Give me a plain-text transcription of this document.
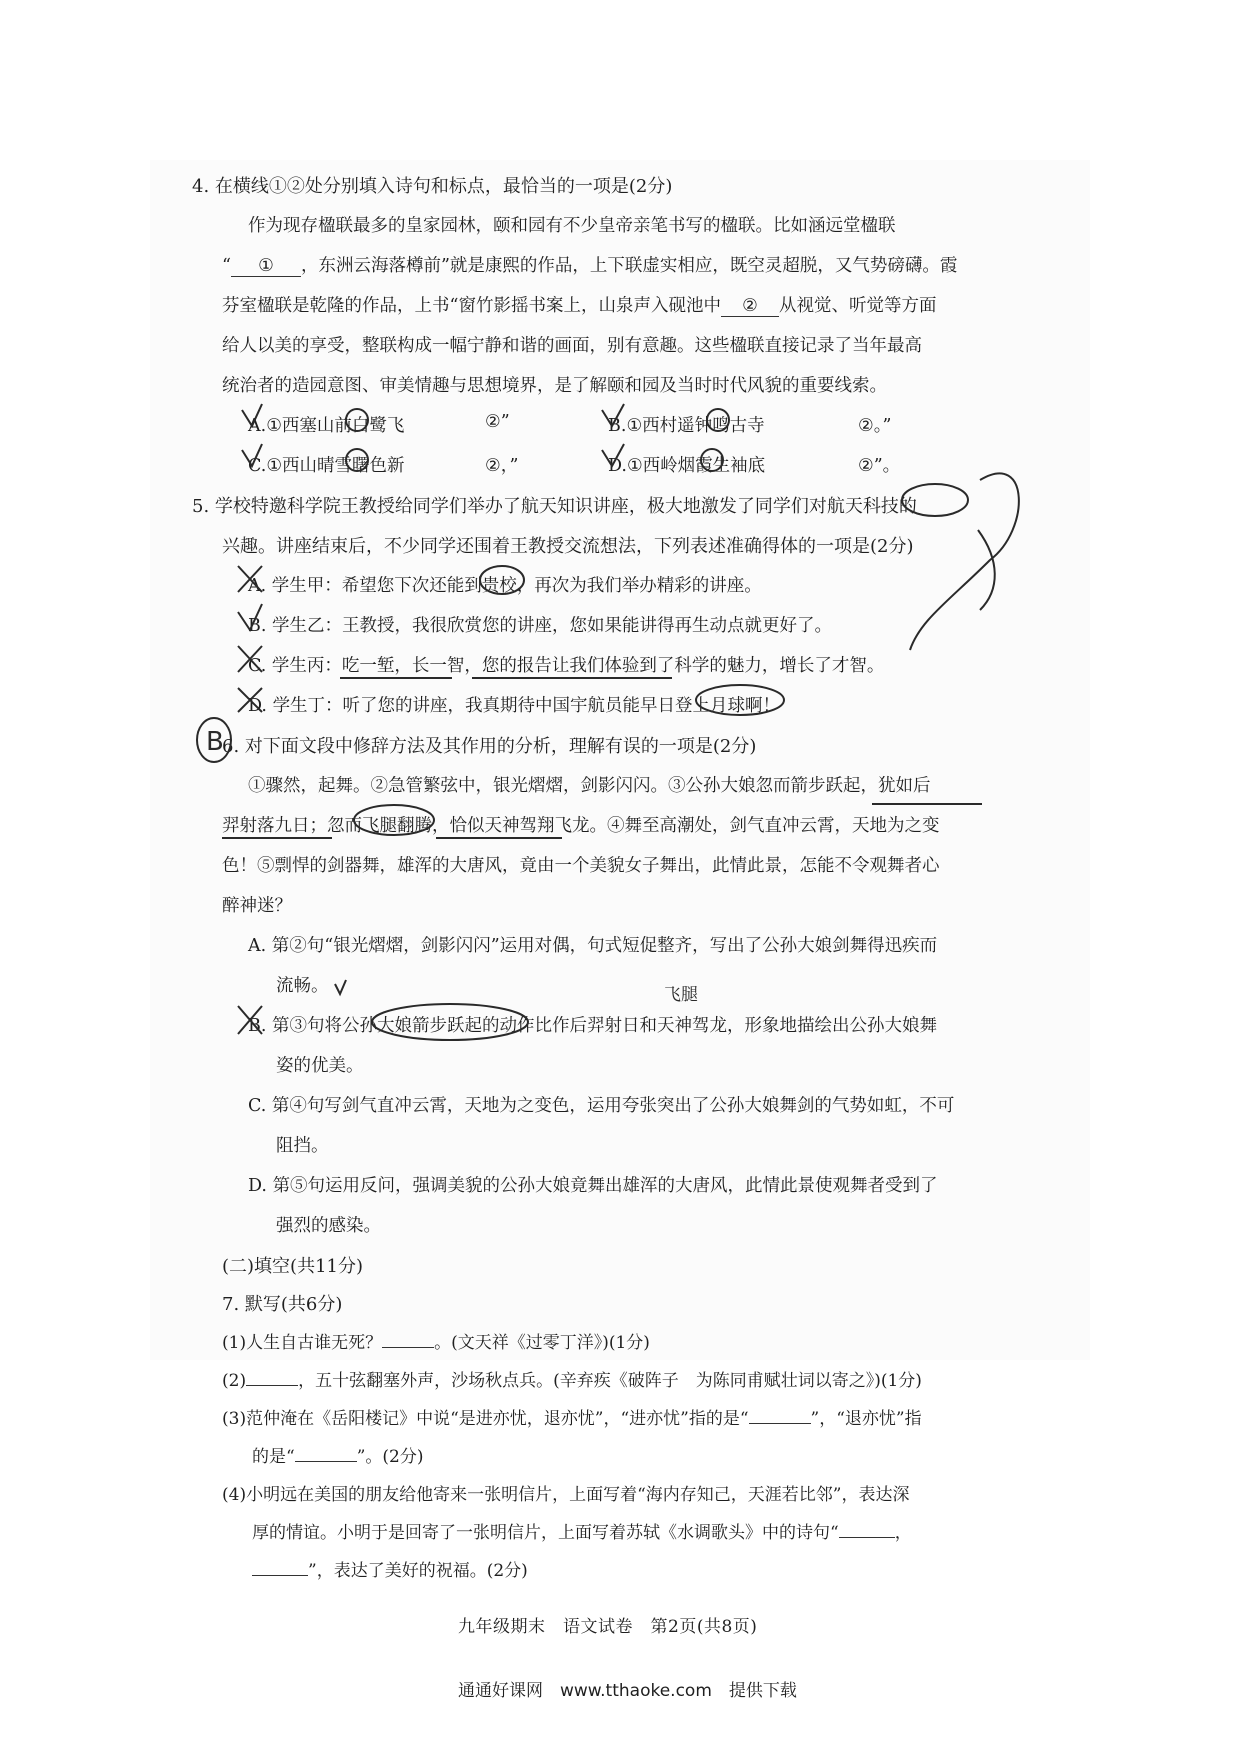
4. 在横线①②处分别填入诗句和标点，最恰当的一项是(2分)
作为现存楹联最多的皇家园林，颐和园有不少皇帝亲笔书写的楹联。比如涵远堂楹联
“ ① ，东洲云海落樽前”就是康熙的作品，上下联虚实相应，既空灵超脱，又气势磅礴。霞
芬室楹联是乾隆的作品，上书“窗竹影摇书案上，山泉声入砚池中 ② 从视觉、听觉等方面
给人以美的享受，整联构成一幅宁静和谐的画面，别有意趣。这些楹联直接记录了当年最高
统治者的造园意图、审美情趣与思想境界，是了解颐和园及当时时代风貌的重要线索。
A.①西塞山前白鹭飞	②”	B.①西村遥钟鸣古寺	②。”
C.①西山晴雪曙色新	②，”	D.①西岭烟霞生袖底	②”。
5. 学校特邀科学院王教授给同学们举办了航天知识讲座，极大地激发了同学们对航天科技的
兴趣。讲座结束后，不少同学还围着王教授交流想法，下列表述准确得体的一项是(2分)
A. 学生甲：希望您下次还能到贵校，再次为我们举办精彩的讲座。
B. 学生乙：王教授，我很欣赏您的讲座，您如果能讲得再生动点就更好了。
C. 学生丙：吃一堑，长一智，您的报告让我们体验到了科学的魅力，增长了才智。
D. 学生丁：听了您的讲座，我真期待中国宇航员能早日登上月球啊！
6. 对下面文段中修辞方法及其作用的分析，理解有误的一项是(2分)
①骤然，起舞。②急管繁弦中，银光熠熠，剑影闪闪。③公孙大娘忽而箭步跃起，犹如后
羿射落九日；忽而飞腿翻腾，恰似天神驾翔飞龙。④舞至高潮处，剑气直冲云霄，天地为之变
色！⑤剽悍的剑器舞，雄浑的大唐风，竟由一个美貌女子舞出，此情此景，怎能不令观舞者心
醉神迷？
A. 第②句“银光熠熠，剑影闪闪”运用对偶，句式短促整齐，写出了公孙大娘剑舞得迅疾而
流畅。
B. 第③句将公孙大娘箭步跃起的动作比作后羿射日和天神驾龙，形象地描绘出公孙大娘舞
姿的优美。
C. 第④句写剑气直冲云霄，天地为之变色，运用夸张突出了公孙大娘舞剑的气势如虹，不可
阻挡。
D. 第⑤句运用反问，强调美貌的公孙大娘竟舞出雄浑的大唐风，此情此景使观舞者受到了
强烈的感染。
(二)填空(共11分)
7. 默写(共6分)
(1)人生自古谁无死？	。(文天祥《过零丁洋》)(1分)
(2)	，五十弦翻塞外声，沙场秋点兵。(辛弃疾《破阵子　为陈同甫赋壮词以寄之》)(1分)
(3)范仲淹在《岳阳楼记》中说“是进亦忧，退亦忧”，“进亦忧”指的是“	”，“退亦忧”指
的是“	”。(2分)
(4)小明远在美国的朋友给他寄来一张明信片，上面写着“海内存知己，天涯若比邻”，表达深
厚的情谊。小明于是回寄了一张明信片，上面写着苏轼《水调歌头》中的诗句“	，
”，表达了美好的祝福。(2分)
九年级期末　语文试卷　第2页(共8页)
通通好课网　www.tthaoke.com　提供下载
B
飞腿
